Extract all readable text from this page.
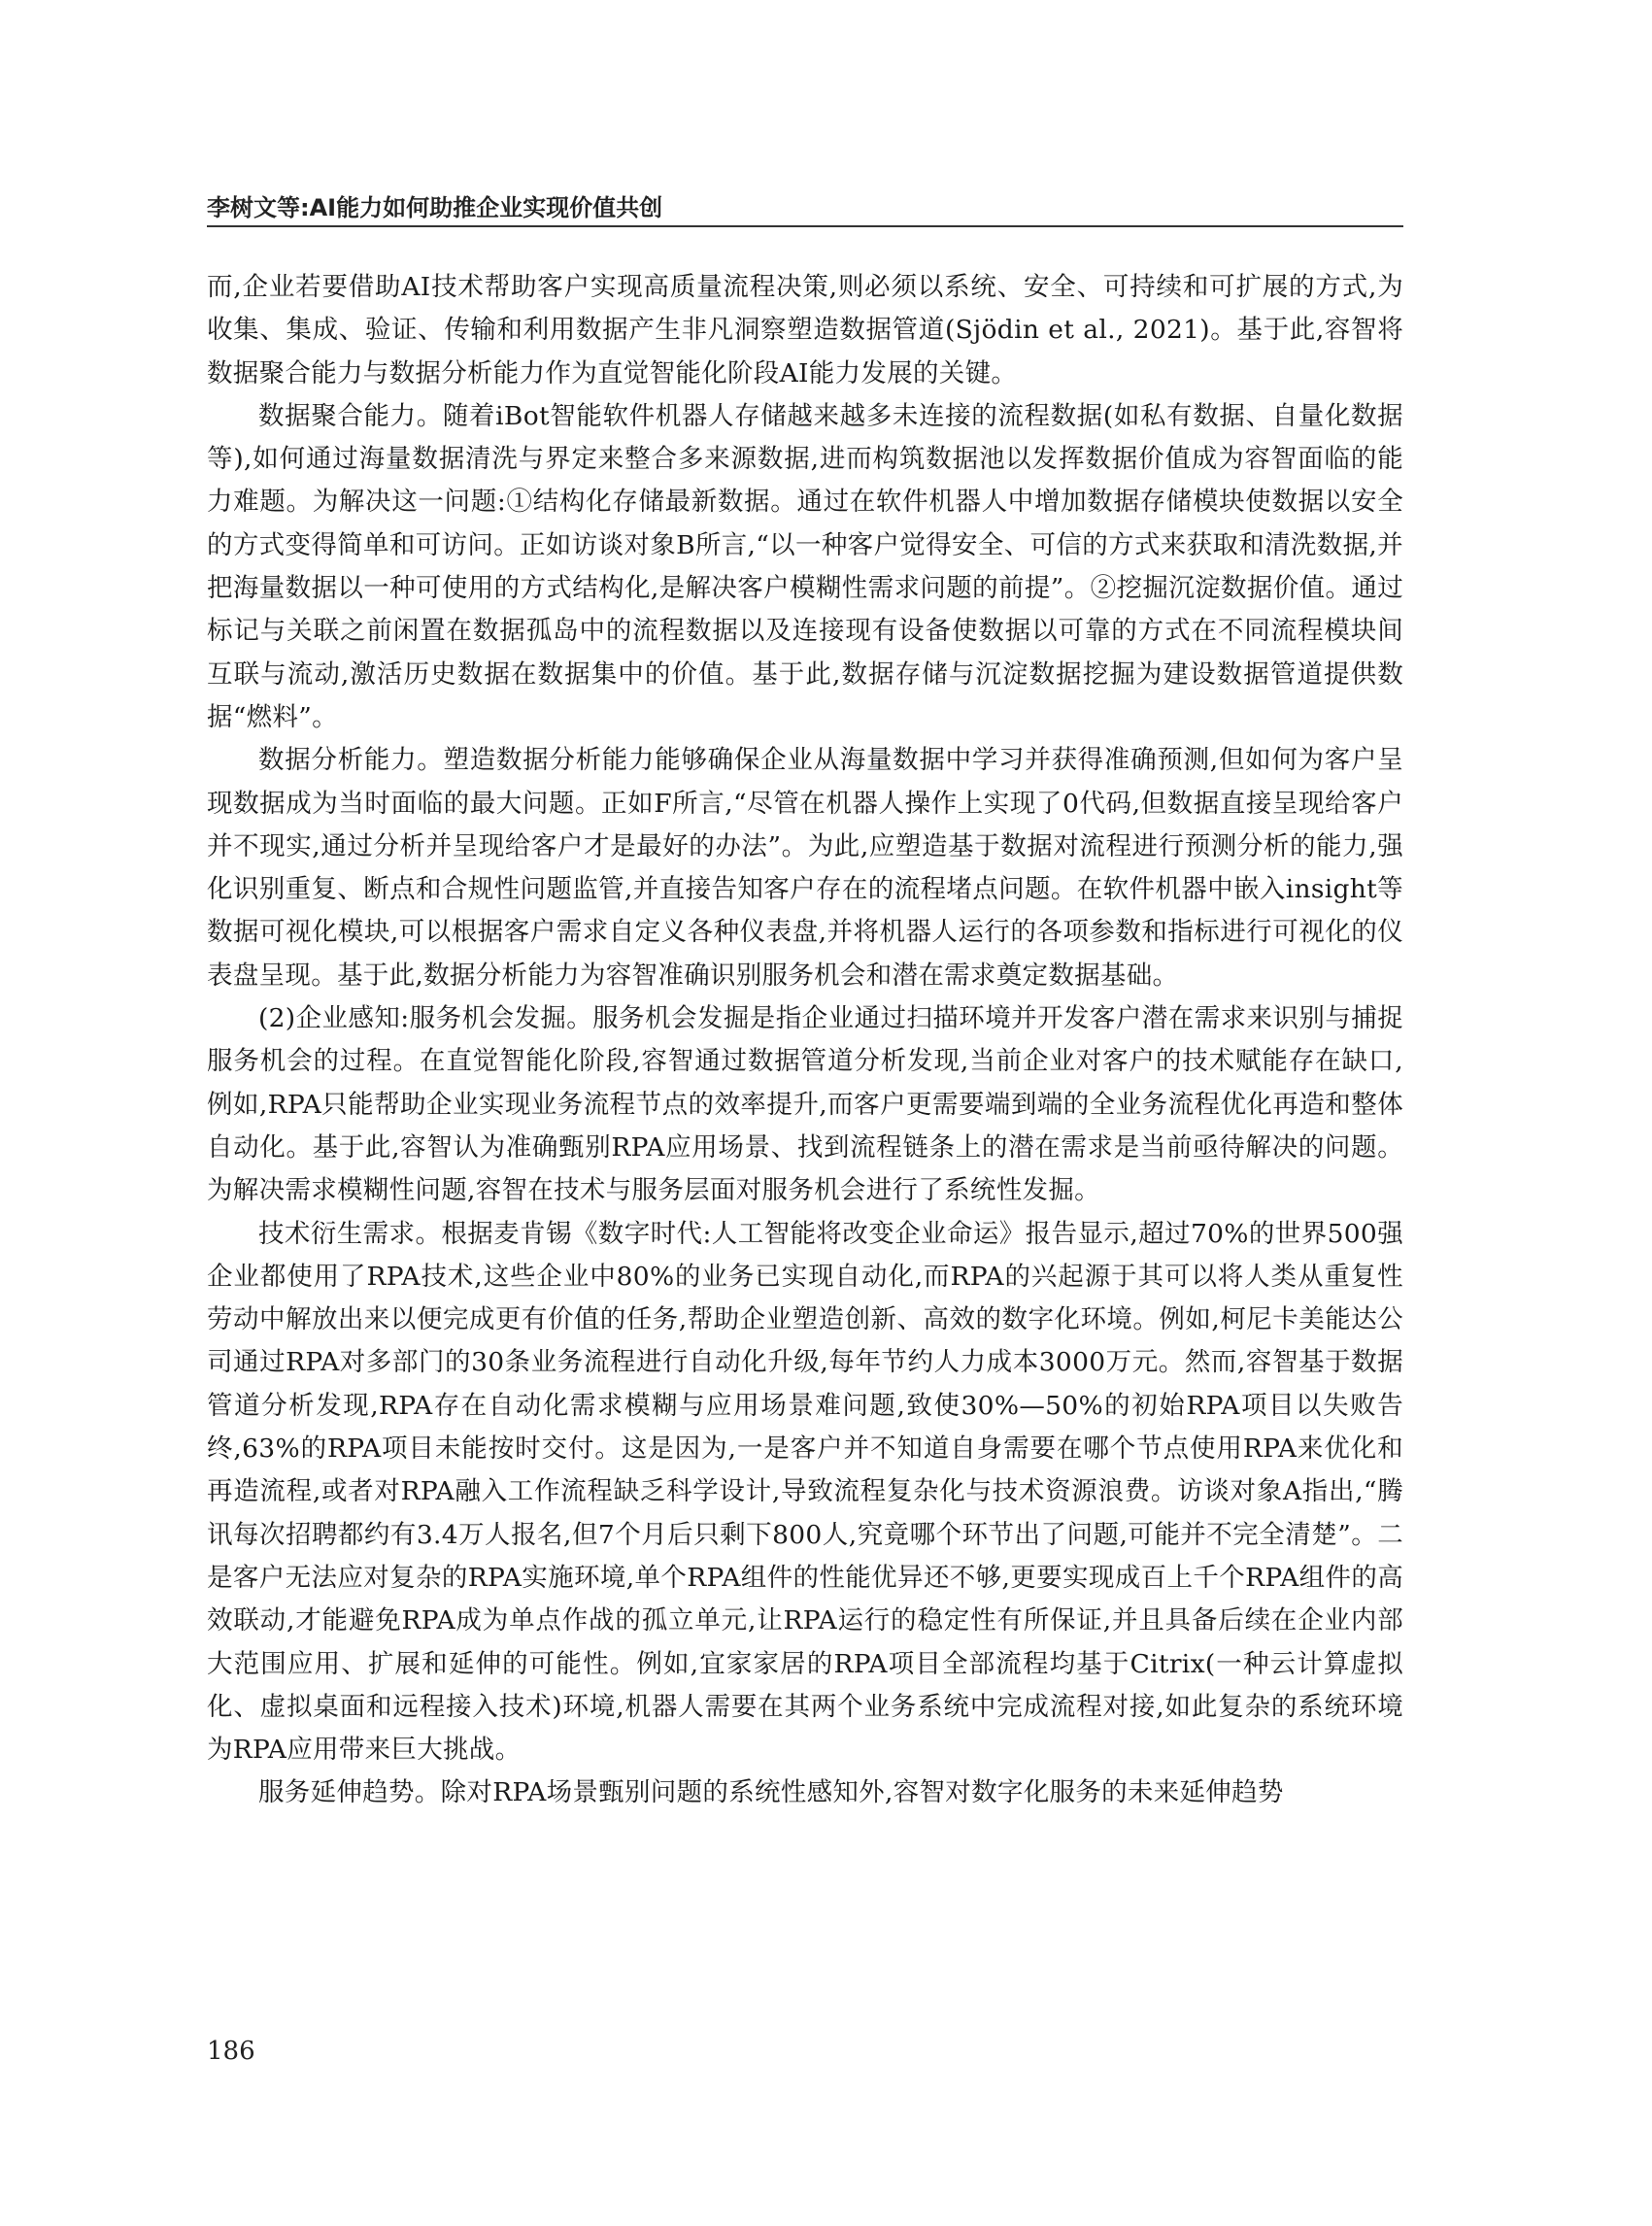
李树文等:AI能力如何助推企业实现价值共创

而,企业若要借助AI技术帮助客户实现高质量流程决策,则必须以系统、安全、可持续和可扩展的方式,为收集、集成、验证、传输和利用数据产生非凡洞察塑造数据管道(Sjödin et al., 2021)。基于此,容智将数据聚合能力与数据分析能力作为直觉智能化阶段AI能力发展的关键。

数据聚合能力。随着iBot智能软件机器人存储越来越多未连接的流程数据(如私有数据、自量化数据等),如何通过海量数据清洗与界定来整合多来源数据,进而构筑数据池以发挥数据价值成为容智面临的能力难题。为解决这一问题:①结构化存储最新数据。通过在软件机器人中增加数据存储模块使数据以安全的方式变得简单和可访问。正如访谈对象B所言,“以一种客户觉得安全、可信的方式来获取和清洗数据,并把海量数据以一种可使用的方式结构化,是解决客户模糊性需求问题的前提”。②挖掘沉淀数据价值。通过标记与关联之前闲置在数据孤岛中的流程数据以及连接现有设备使数据以可靠的方式在不同流程模块间互联与流动,激活历史数据在数据集中的价值。基于此,数据存储与沉淀数据挖掘为建设数据管道提供数据“燃料”。

数据分析能力。塑造数据分析能力能够确保企业从海量数据中学习并获得准确预测,但如何为客户呈现数据成为当时面临的最大问题。正如F所言,“尽管在机器人操作上实现了0代码,但数据直接呈现给客户并不现实,通过分析并呈现给客户才是最好的办法”。为此,应塑造基于数据对流程进行预测分析的能力,强化识别重复、断点和合规性问题监管,并直接告知客户存在的流程堵点问题。在软件机器中嵌入insight等数据可视化模块,可以根据客户需求自定义各种仪表盘,并将机器人运行的各项参数和指标进行可视化的仪表盘呈现。基于此,数据分析能力为容智准确识别服务机会和潜在需求奠定数据基础。

(2)企业感知:服务机会发掘。服务机会发掘是指企业通过扫描环境并开发客户潜在需求来识别与捕捉服务机会的过程。在直觉智能化阶段,容智通过数据管道分析发现,当前企业对客户的技术赋能存在缺口,例如,RPA只能帮助企业实现业务流程节点的效率提升,而客户更需要端到端的全业务流程优化再造和整体自动化。基于此,容智认为准确甄别RPA应用场景、找到流程链条上的潜在需求是当前亟待解决的问题。为解决需求模糊性问题,容智在技术与服务层面对服务机会进行了系统性发掘。

技术衍生需求。根据麦肯锡《数字时代:人工智能将改变企业命运》报告显示,超过70%的世界500强企业都使用了RPA技术,这些企业中80%的业务已实现自动化,而RPA的兴起源于其可以将人类从重复性劳动中解放出来以便完成更有价值的任务,帮助企业塑造创新、高效的数字化环境。例如,柯尼卡美能达公司通过RPA对多部门的30条业务流程进行自动化升级,每年节约人力成本3000万元。然而,容智基于数据管道分析发现,RPA存在自动化需求模糊与应用场景难问题,致使30%—50%的初始RPA项目以失败告终,63%的RPA项目未能按时交付。这是因为,一是客户并不知道自身需要在哪个节点使用RPA来优化和再造流程,或者对RPA融入工作流程缺乏科学设计,导致流程复杂化与技术资源浪费。访谈对象A指出,“腾讯每次招聘都约有3.4万人报名,但7个月后只剩下800人,究竟哪个环节出了问题,可能并不完全清楚”。二是客户无法应对复杂的RPA实施环境,单个RPA组件的性能优异还不够,更要实现成百上千个RPA组件的高效联动,才能避免RPA成为单点作战的孤立单元,让RPA运行的稳定性有所保证,并且具备后续在企业内部大范围应用、扩展和延伸的可能性。例如,宜家家居的RPA项目全部流程均基于Citrix(一种云计算虚拟化、虚拟桌面和远程接入技术)环境,机器人需要在其两个业务系统中完成流程对接,如此复杂的系统环境为RPA应用带来巨大挑战。

服务延伸趋势。除对RPA场景甄别问题的系统性感知外,容智对数字化服务的未来延伸趋势

186
